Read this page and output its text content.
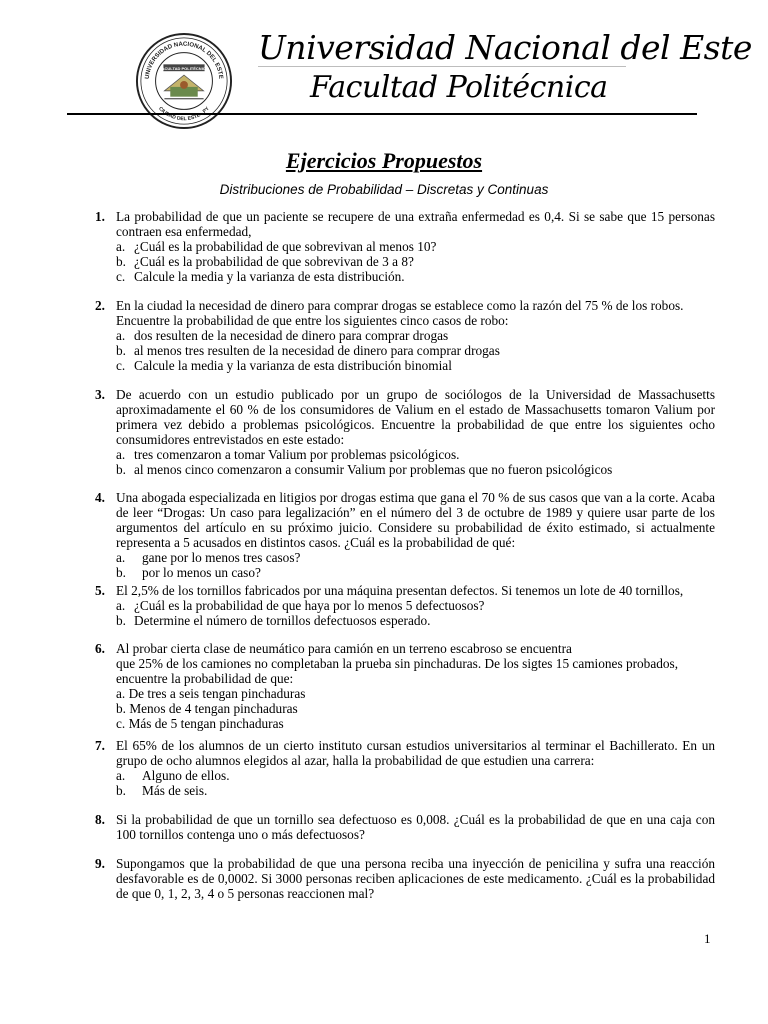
UNIVERSIDAD NACIONAL DEL ESTE
CIUDAD DEL ESTE - PY
FACULTAD POLITÉCNICA
Universidad Nacional del Este
Facultad Politécnica
Ejercicios Propuestos
Distribuciones de Probabilidad – Discretas y Continuas
1. La probabilidad de que un paciente se recupere de una extraña enfermedad es 0,4. Si se sabe que 15 personas contraen esa enfermedad,
a. ¿Cuál es la probabilidad de que sobrevivan al menos 10?
b. ¿Cuál es la probabilidad de que sobrevivan de 3 a 8?
c. Calcule la media y la varianza de esta distribución.
2. En la ciudad la necesidad de dinero para comprar drogas se establece como la razón del 75 % de los robos.
Encuentre la probabilidad de que entre los siguientes cinco casos de robo:
a. dos resulten de la necesidad de dinero para comprar drogas
b. al menos tres resulten de la necesidad de dinero para comprar drogas
c. Calcule la media y la varianza de esta distribución binomial
3. De acuerdo con un estudio publicado por un grupo de sociólogos de la Universidad de Massachusetts aproximadamente el 60 % de los consumidores de Valium en el estado de Massachusetts tomaron Valium por primera vez debido a problemas psicológicos. Encuentre la probabilidad de que entre los siguientes ocho consumidores entrevistados en este estado:
a. tres comenzaron a tomar Valium por problemas psicológicos.
b. al menos cinco comenzaron a consumir Valium por problemas que no fueron psicológicos
4. Una abogada especializada en litigios por drogas estima que gana el 70 % de sus casos que van a la corte. Acaba de leer “Drogas: Un caso para legalización” en el número del 3 de octubre de 1989 y quiere usar parte de los argumentos del artículo en su próximo juicio. Considere su probabilidad de éxito estimado, si actualmente representa a 5 acusados en distintos casos. ¿Cuál es la probabilidad de qué:
a. gane por lo menos tres casos?
b. por lo menos un caso?
5. El 2,5% de los tornillos fabricados por una máquina presentan defectos. Si tenemos un lote de 40 tornillos,
a. ¿Cuál es la probabilidad de que haya por lo menos 5 defectuosos?
b. Determine el número de tornillos defectuosos esperado.
6. Al probar cierta clase de neumático para camión en un terreno escabroso se encuentra
que 25% de los camiones no completaban la prueba sin pinchaduras. De los sigtes 15 camiones probados,
encuentre la probabilidad de que:
a. De tres a seis tengan pinchaduras
b. Menos de 4 tengan pinchaduras
c. Más de 5 tengan pinchaduras
7. El 65% de los alumnos de un cierto instituto cursan estudios universitarios al terminar el Bachillerato. En un grupo de ocho alumnos elegidos al azar, halla la probabilidad de que estudien una carrera:
a. Alguno de ellos.
b. Más de seis.
8. Si la probabilidad de que un tornillo sea defectuoso es 0,008. ¿Cuál es la probabilidad de que en una caja con 100 tornillos contenga uno o más defectuosos?
9. Supongamos que la probabilidad de que una persona reciba una inyección de penicilina y sufra una reacción desfavorable es de 0,0002. Si 3000 personas reciben aplicaciones de este medicamento. ¿Cuál es la probabilidad de que 0, 1, 2, 3, 4 o 5 personas reaccionen mal?
1
